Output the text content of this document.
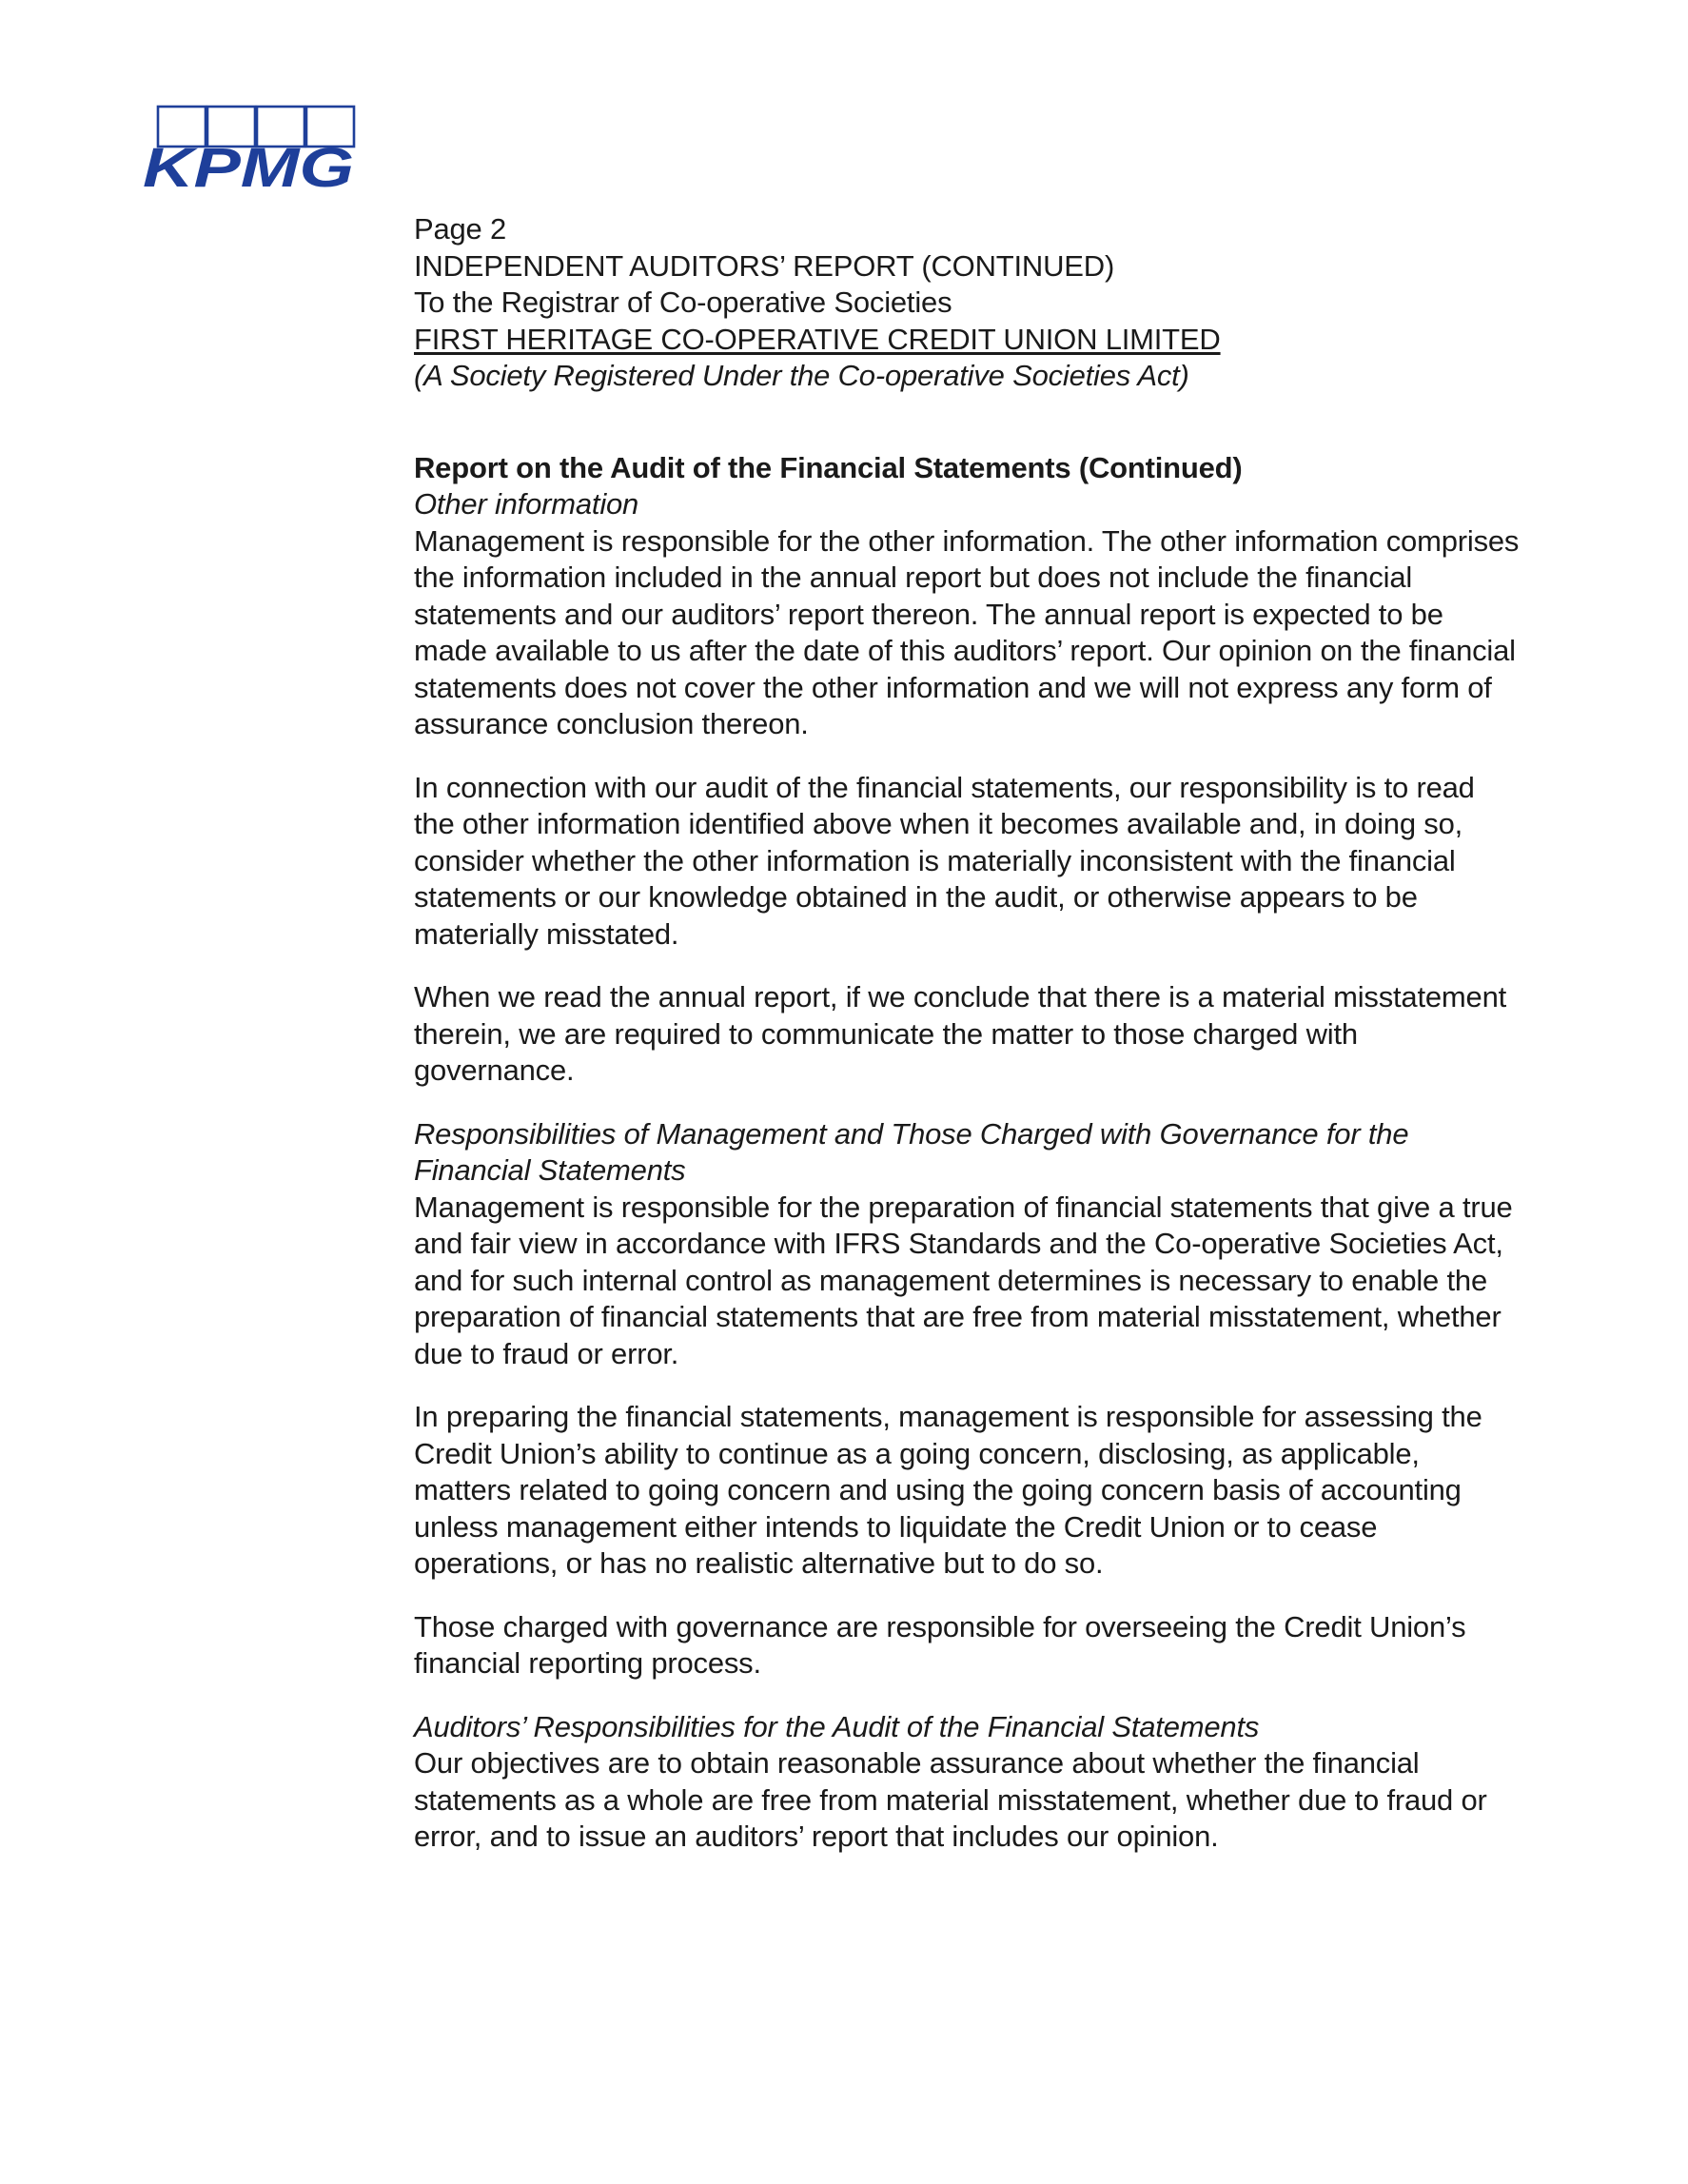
KPMG

Page 2

INDEPENDENT AUDITORS’ REPORT (CONTINUED)

To the Registrar of Co-operative Societies

FIRST HERITAGE CO-OPERATIVE CREDIT UNION LIMITED

(A Society Registered Under the Co-operative Societies Act)

Report on the Audit of the Financial Statements (Continued)

Other information

Management is responsible for the other information. The other information comprises the information included in the annual report but does not include the financial statements and our auditors’ report thereon. The annual report is expected to be made available to us after the date of this auditors’ report. Our opinion on the financial statements does not cover the other information and we will not express any form of assurance conclusion thereon.

In connection with our audit of the financial statements, our responsibility is to read the other information identified above when it becomes available and, in doing so, consider whether the other information is materially inconsistent with the financial statements or our knowledge obtained in the audit, or otherwise appears to be materially misstated.

When we read the annual report, if we conclude that there is a material misstatement therein, we are required to communicate the matter to those charged with governance.

Responsibilities of Management and Those Charged with Governance for the Financial Statements

Management is responsible for the preparation of financial statements that give a true and fair view in accordance with IFRS Standards and the Co-operative Societies Act, and for such internal control as management determines is necessary to enable the preparation of financial statements that are free from material misstatement, whether due to fraud or error.

In preparing the financial statements, management is responsible for assessing the Credit Union’s ability to continue as a going concern, disclosing, as applicable, matters related to going concern and using the going concern basis of accounting unless management either intends to liquidate the Credit Union or to cease operations, or has no realistic alternative but to do so.

Those charged with governance are responsible for overseeing the Credit Union’s financial reporting process.

Auditors’ Responsibilities for the Audit of the Financial Statements

Our objectives are to obtain reasonable assurance about whether the financial statements as a whole are free from material misstatement, whether due to fraud or error, and to issue an auditors’ report that includes our opinion.
